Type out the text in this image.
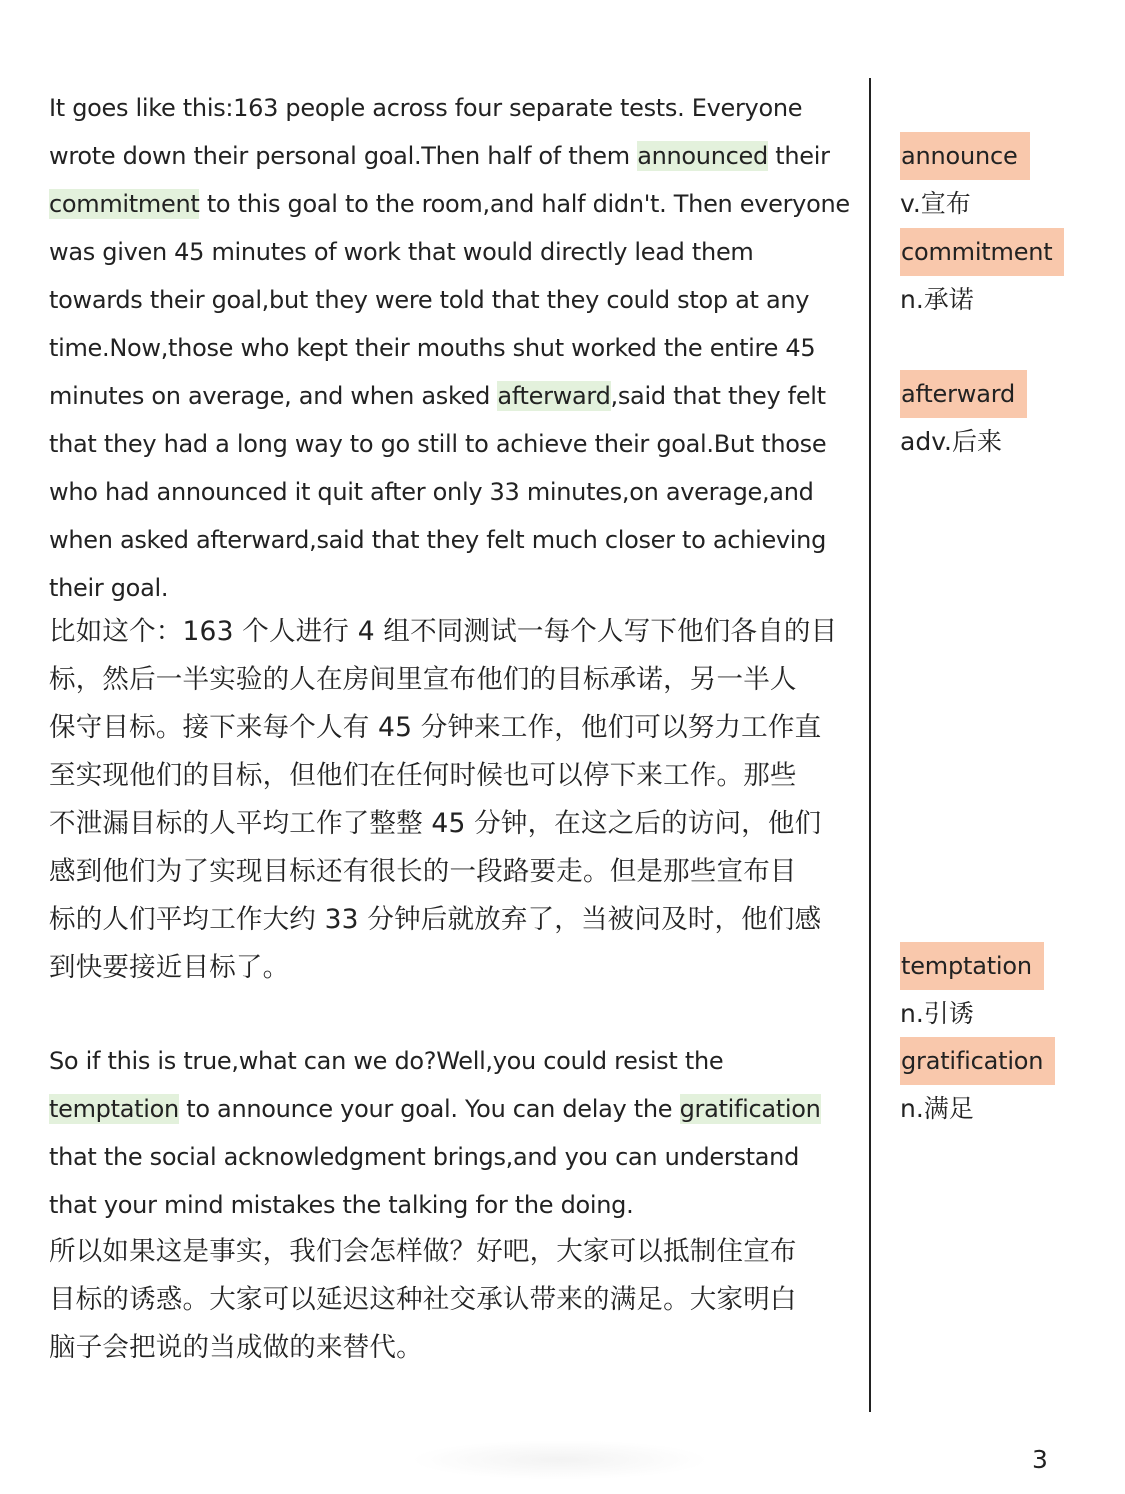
It goes like this:163 people across four separate tests. Everyone
wrote down their personal goal.Then half of them announced their
commitment to this goal to the room,and half didn't. Then everyone
was given 45 minutes of work that would directly lead them
towards their goal,but they were told that they could stop at any
time.Now,those who kept their mouths shut worked the entire 45
minutes on average, and when asked afterward,said that they felt
that they had a long way to go still to achieve their goal.But those
who had announced it quit after only 33 minutes,on average,and
when asked afterward,said that they felt much closer to achieving
their goal.
比如这个：163 个人进行 4 组不同测试一每个人写下他们各自的目
标，然后一半实验的人在房间里宣布他们的目标承诺，另一半人
保守目标。接下来每个人有 45 分钟来工作，他们可以努力工作直
至实现他们的目标，但他们在任何时候也可以停下来工作。那些
不泄漏目标的人平均工作了整整 45 分钟，在这之后的访问，他们
感到他们为了实现目标还有很长的一段路要走。但是那些宣布目
标的人们平均工作大约 33 分钟后就放弃了，当被问及时，他们感
到快要接近目标了。
So if this is true,what can we do?Well,you could resist the
temptation to announce your goal. You can delay the gratification
that the social acknowledgment brings,and you can understand
that your mind mistakes the talking for the doing.
所以如果这是事实，我们会怎样做？好吧，大家可以抵制住宣布
目标的诱惑。大家可以延迟这种社交承认带来的满足。大家明白
脑子会把说的当成做的来替代。
announce
v.宣布
commitment
n.承诺
afterward
adv.后来
temptation
n.引诱
gratification
n.满足
3
